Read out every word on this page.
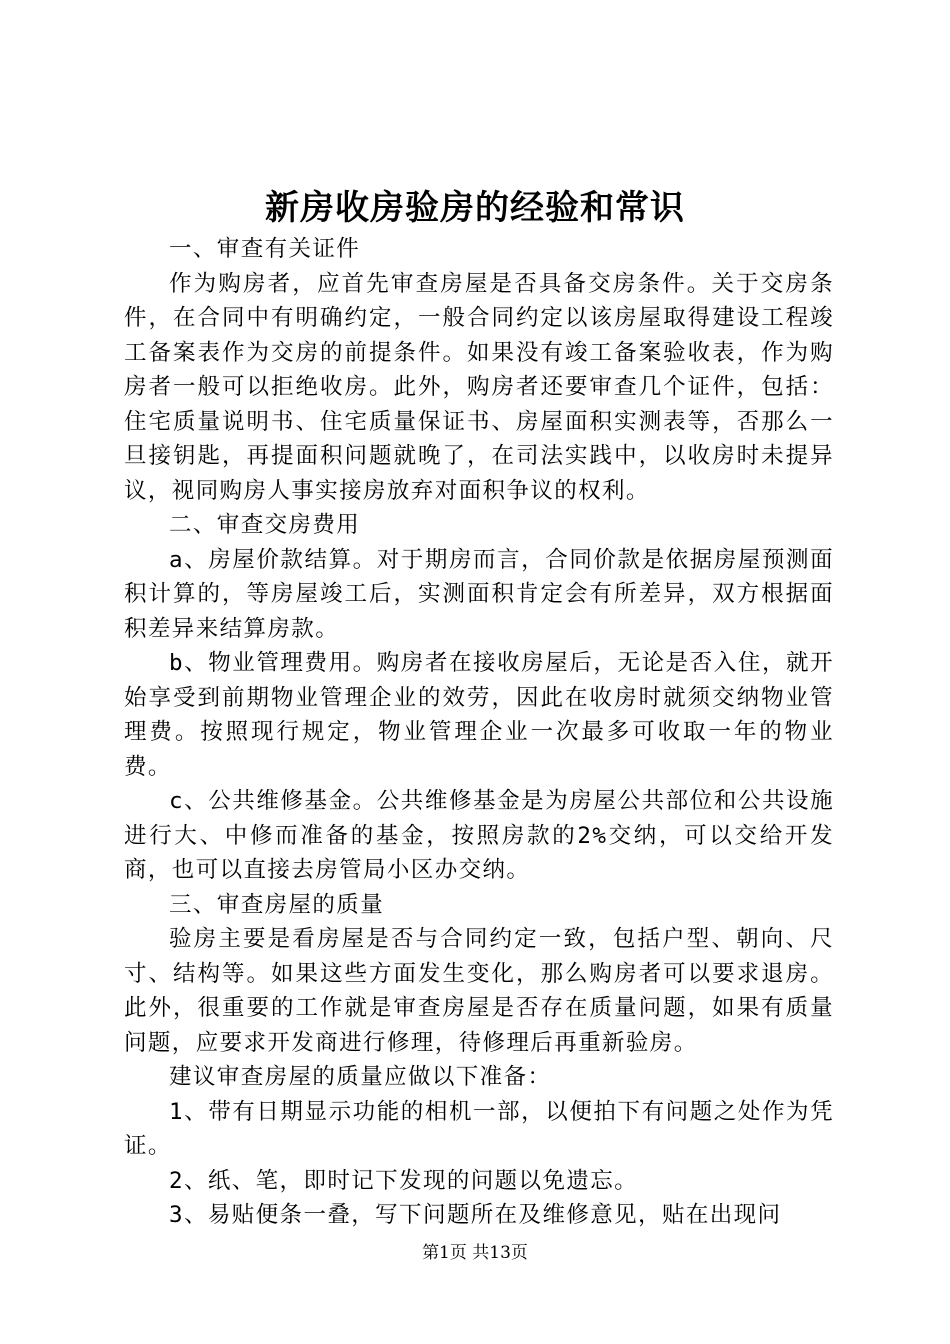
新房收房验房的经验和常识

一、审查有关证件

作为购房者，应首先审查房屋是否具备交房条件。关于交房条件，在合同中有明确约定，一般合同约定以该房屋取得建设工程竣工备案表作为交房的前提条件。如果没有竣工备案验收表，作为购房者一般可以拒绝收房。此外，购房者还要审查几个证件，包括：住宅质量说明书、住宅质量保证书、房屋面积实测表等，否那么一旦接钥匙，再提面积问题就晚了，在司法实践中，以收房时未提异议，视同购房人事实接房放弃对面积争议的权利。

二、审查交房费用

a、房屋价款结算。对于期房而言，合同价款是依据房屋预测面积计算的，等房屋竣工后，实测面积肯定会有所差异，双方根据面积差异来结算房款。

b、物业管理费用。购房者在接收房屋后，无论是否入住，就开始享受到前期物业管理企业的效劳，因此在收房时就须交纳物业管理费。按照现行规定，物业管理企业一次最多可收取一年的物业费。

c、公共维修基金。公共维修基金是为房屋公共部位和公共设施进行大、中修而准备的基金，按照房款的2%交纳，可以交给开发商，也可以直接去房管局小区办交纳。

三、审查房屋的质量

验房主要是看房屋是否与合同约定一致，包括户型、朝向、尺寸、结构等。如果这些方面发生变化，那么购房者可以要求退房。此外，很重要的工作就是审查房屋是否存在质量问题，如果有质量问题，应要求开发商进行修理，待修理后再重新验房。

建议审查房屋的质量应做以下准备：

1、带有日期显示功能的相机一部，以便拍下有问题之处作为凭证。

2、纸、笔，即时记下发现的问题以免遗忘。

3、易贴便条一叠，写下问题所在及维修意见，贴在出现问

第1页 共13页
